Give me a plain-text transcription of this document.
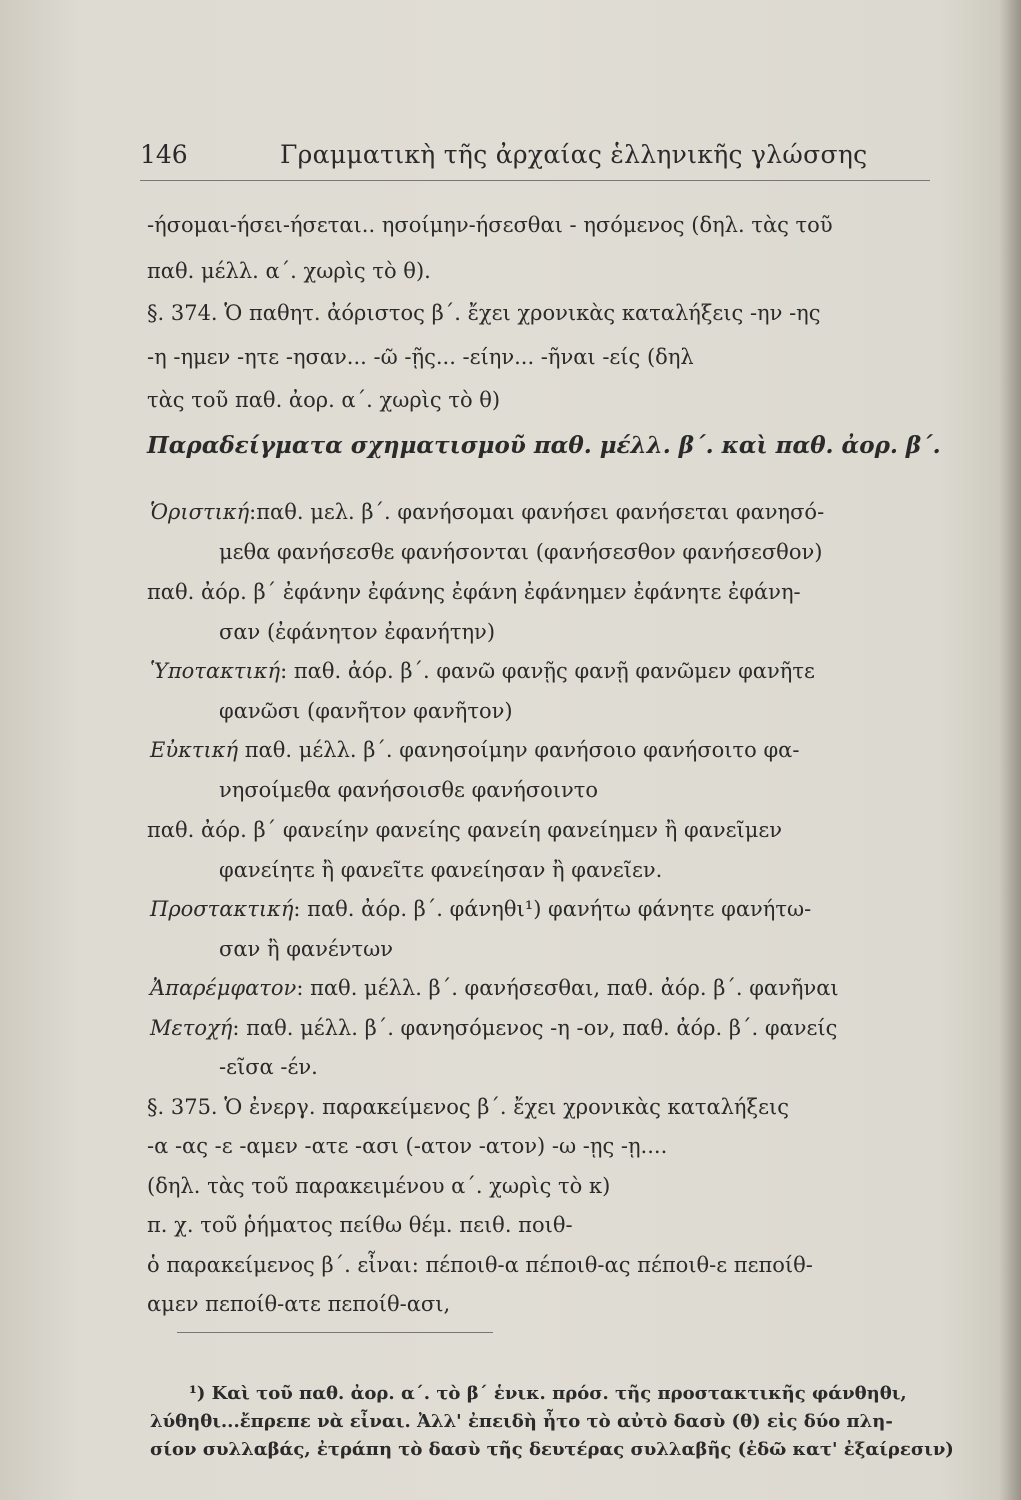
146	Γραμματικὴ τῆς ἀρχαίας ἑλληνικῆς γλώσσης
-ήσομαι-ήσει-ήσεται.. ησοίμην-ήσεσθαι - ησόμενος (δηλ. τὰς τοῦ
παθ. μέλλ. α΄. χωρὶς τὸ θ).
§. 374. Ὁ παθητ. ἀόριστος β΄. ἔχει χρονικὰς καταλήξεις -ην -ης
-η -ημεν -ητε -ησαν... -ῶ -ῇς... -είην... -ῆναι -είς (δηλ
τὰς τοῦ παθ. ἀορ. α΄. χωρὶς τὸ θ)
Παραδείγματα σχηματισμοῦ παθ. μέλλ. β΄. καὶ παθ. ἀορ. β΄.
Ὁριστική:παθ. μελ. β΄. φανήσομαι φανήσει φανήσεται φανησό-
μεθα φανήσεσθε φανήσονται (φανήσεσθον φανήσεσθον)
παθ. ἀόρ. β΄ ἐφάνην ἐφάνης ἐφάνη ἐφάνημεν ἐφάνητε ἐφάνη-
σαν (ἐφάνητον ἐφανήτην)
Ὑποτακτική: παθ. ἀόρ. β΄. φανῶ φανῇς φανῇ φανῶμεν φανῆτε
φανῶσι (φανῆτον φανῆτον)
Εὐκτική παθ. μέλλ. β΄. φανησοίμην φανήσοιο φανήσοιτο φα-
νησοίμεθα φανήσοισθε φανήσοιντο
παθ. ἀόρ. β΄ φανείην φανείης φανείη φανείημεν ἢ φανεῖμεν
φανείητε ἢ φανεῖτε φανείησαν ἢ φανεῖεν.
Προστακτική: παθ. ἀόρ. β΄. φάνηθι¹) φανήτω φάνητε φανήτω-
σαν ἢ φανέντων
Ἀπαρέμφατον: παθ. μέλλ. β΄. φανήσεσθαι, παθ. ἀόρ. β΄. φανῆναι
Μετοχή: παθ. μέλλ. β΄. φανησόμενος -η -ον, παθ. ἀόρ. β΄. φανείς
-εῖσα -έν.
§. 375. Ὁ ἐνεργ. παρακείμενος β΄. ἔχει χρονικὰς καταλήξεις
-α -ας -ε -αμεν -ατε -ασι (-ατον -ατον) -ω -ῃς -ῃ....
(δηλ. τὰς τοῦ παρακειμένου α΄. χωρὶς τὸ κ)
π. χ. τοῦ ῥήματος πείθω θέμ. πειθ. ποιθ-
ὁ παρακείμενος β΄. εἶναι: πέποιθ-α πέποιθ-ας πέποιθ-ε πεποίθ-
αμεν πεποίθ-ατε πεποίθ-ασι,
¹) Καὶ τοῦ παθ. ἀορ. α΄. τὸ β΄ ἑνικ. πρόσ. τῆς προστακτικῆς φάνθηθι,
λύθηθι...ἔπρεπε νὰ εἶναι. Ἀλλ' ἐπειδὴ ἦτο τὸ αὐτὸ δασὺ (θ) εἰς δύο πλη-
σίον συλλαβάς, ἐτράπη τὸ δασὺ τῆς δευτέρας συλλαβῆς (ἐδῶ κατ' ἐξαίρεσιν)
